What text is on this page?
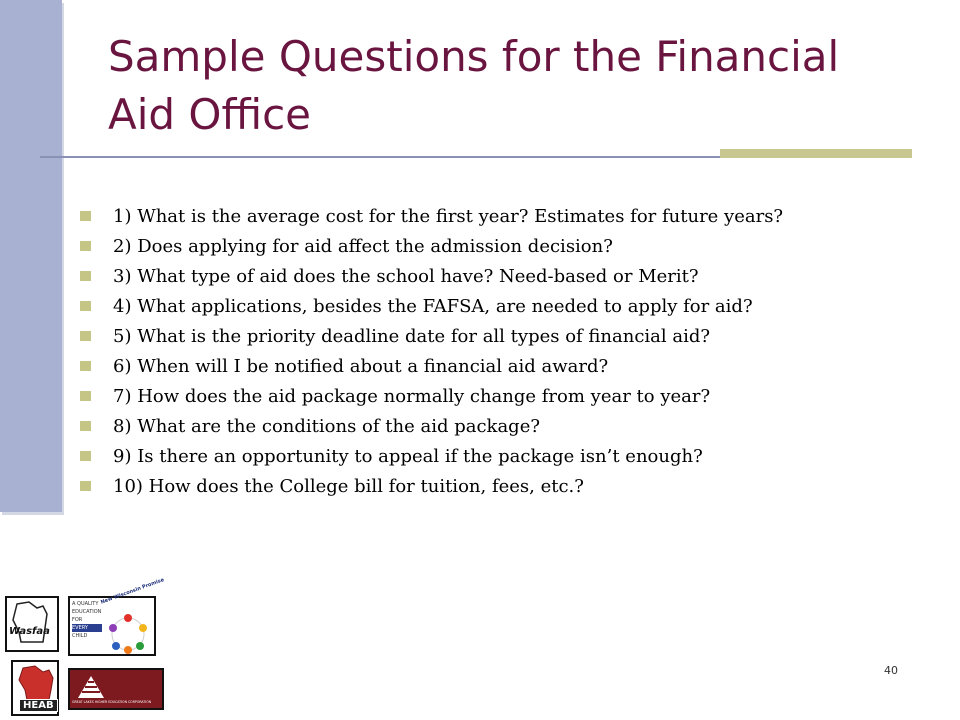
Sample Questions for the Financial Aid Office
1) What is the average cost for the first year? Estimates for future years?
2) Does applying for aid affect the admission decision?
3) What type of aid does the school have? Need-based or Merit?
4) What applications, besides the FAFSA, are needed to apply for aid?
5) What is the priority deadline date for all types of financial aid?
6) When will I be notified about a financial aid award?
7) How does the aid package normally change from year to year?
8) What are the conditions of the aid package?
9) Is there an opportunity to appeal if the package isn’t enough?
10) How does the College bill for tuition, fees, etc.?
Wasfaa
A QUALITY
EDUCATION
FOR
EVERY
CHILD
New Wisconsin Promise
HEAB	GREAT LAKES HIGHER EDUCATION CORPORATION
40
